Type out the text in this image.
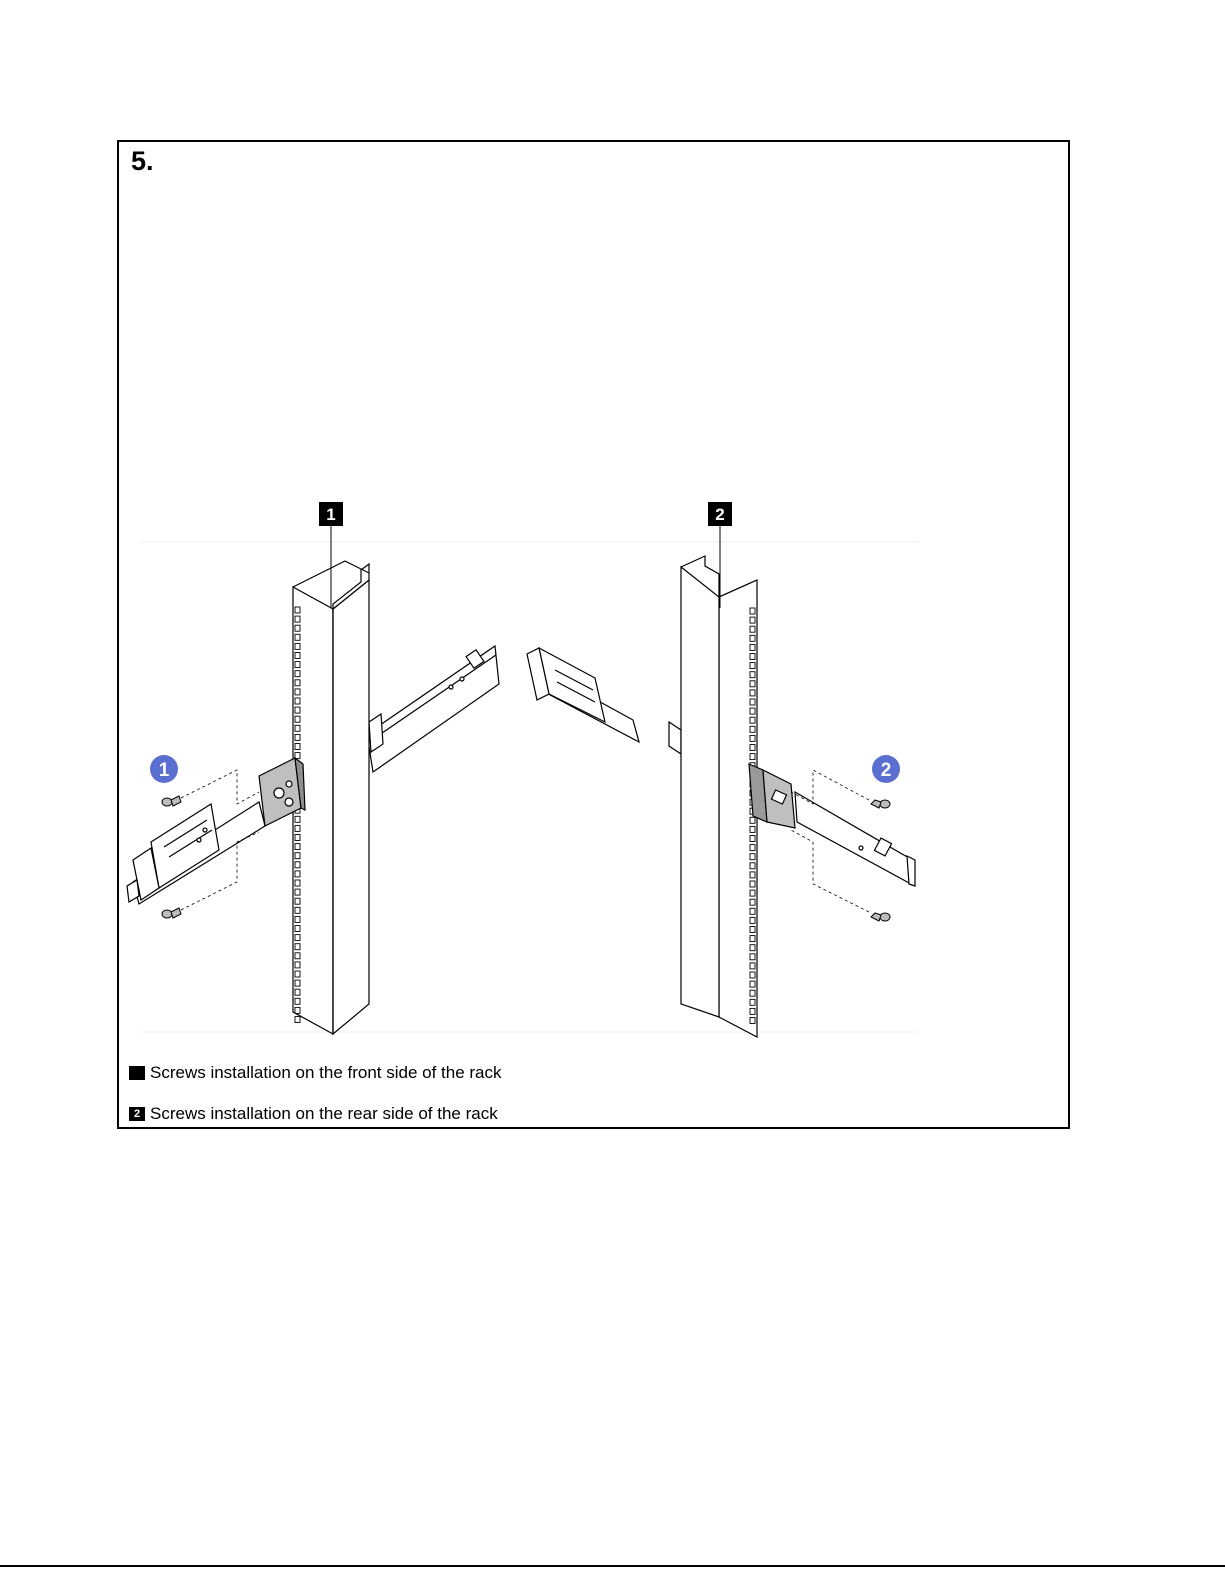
5.
1	2
1	2
1 Screws installation on the front side of the rack
2 Screws installation on the rear side of the rack
